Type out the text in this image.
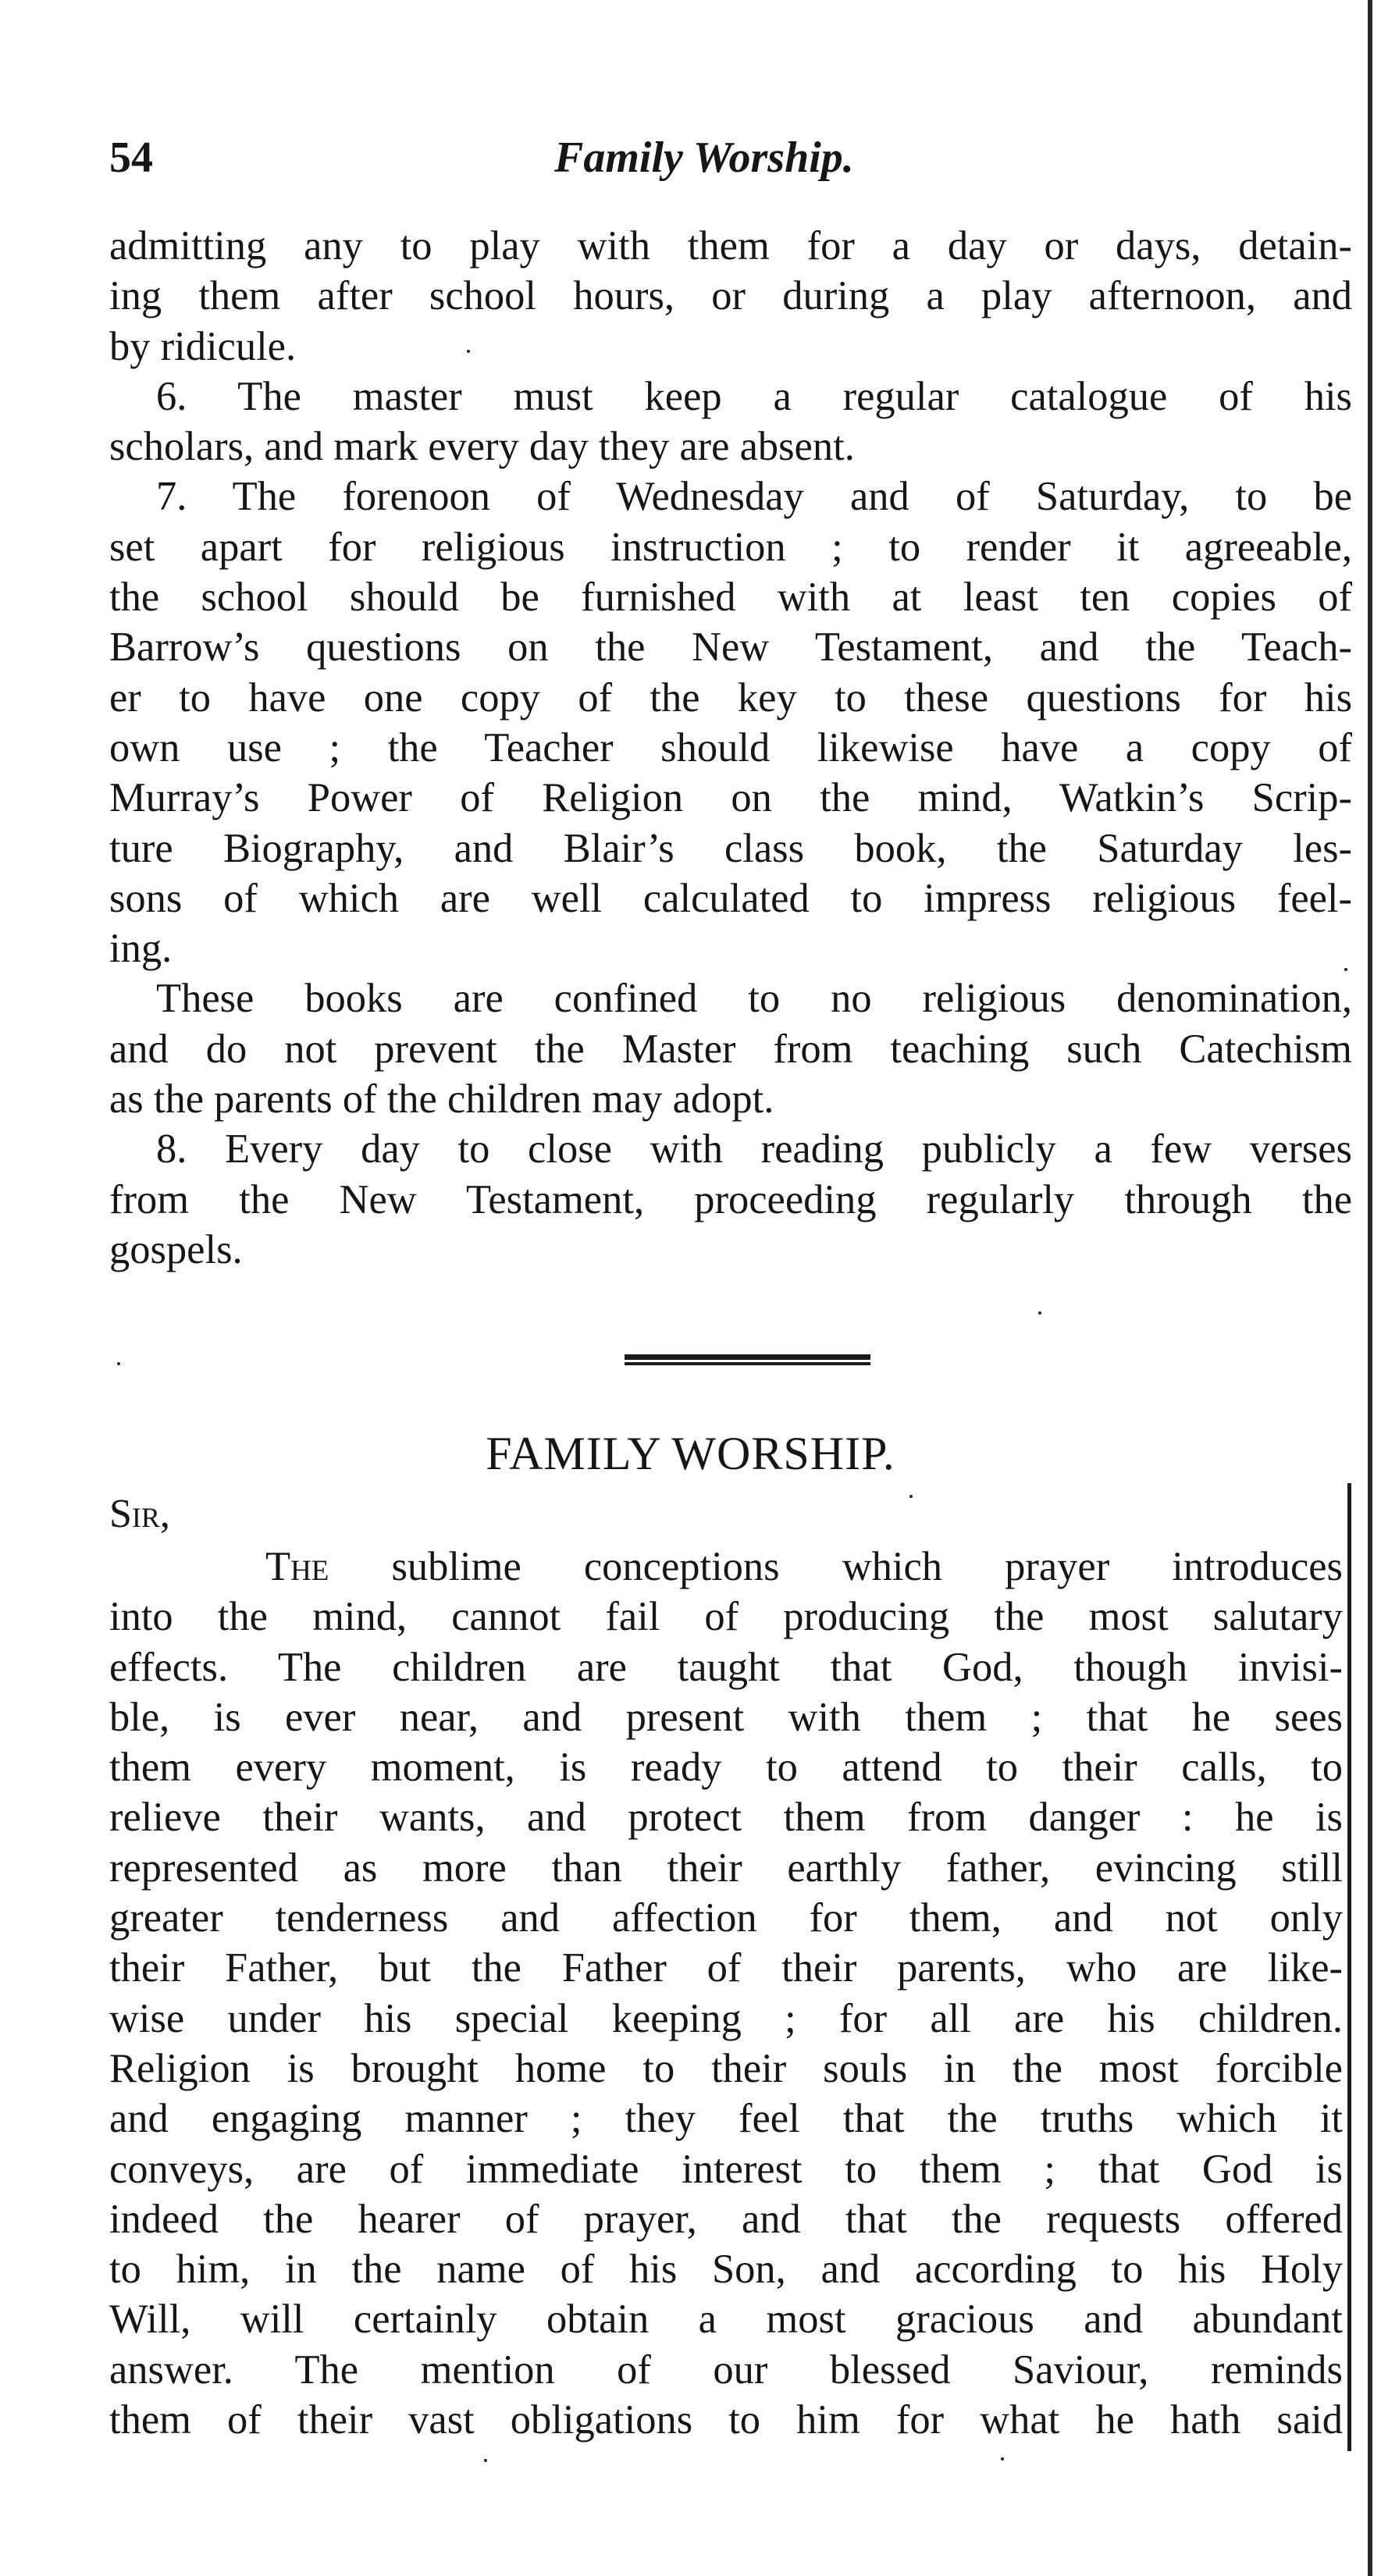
54	Family Worship.
admitting any to play with them for a day or days, detain-
ing them after school hours, or during a play afternoon, and
by ridicule.
6. The master must keep a regular catalogue of his
scholars, and mark every day they are absent.
7. The forenoon of Wednesday and of Saturday, to be
set apart for religious instruction ; to render it agreeable,
the school should be furnished with at least ten copies of
Barrow’s questions on the New Testament, and the Teach-
er to have one copy of the key to these questions for his
own use ; the Teacher should likewise have a copy of
Murray’s Power of Religion on the mind, Watkin’s Scrip-
ture Biography, and Blair’s class book, the Saturday les-
sons of which are well calculated to impress religious feel-
ing.
These books are confined to no religious denomination,
and do not prevent the Master from teaching such Catechism
as the parents of the children may adopt.
8. Every day to close with reading publicly a few verses
from the New Testament, proceeding regularly through the
gospels.
FAMILY WORSHIP.
Sir,
The sublime conceptions which prayer introduces
into the mind, cannot fail of producing the most salutary
effects. The children are taught that God, though invisi-
ble, is ever near, and present with them ; that he sees
them every moment, is ready to attend to their calls, to
relieve their wants, and protect them from danger : he is
represented as more than their earthly father, evincing still
greater tenderness and affection for them, and not only
their Father, but the Father of their parents, who are like-
wise under his special keeping ; for all are his children.
Religion is brought home to their souls in the most forcible
and engaging manner ; they feel that the truths which it
conveys, are of immediate interest to them ; that God is
indeed the hearer of prayer, and that the requests offered
to him, in the name of his Son, and according to his Holy
Will, will certainly obtain a most gracious and abundant
answer. The mention of our blessed Saviour, reminds
them of their vast obligations to him for what he hath said
